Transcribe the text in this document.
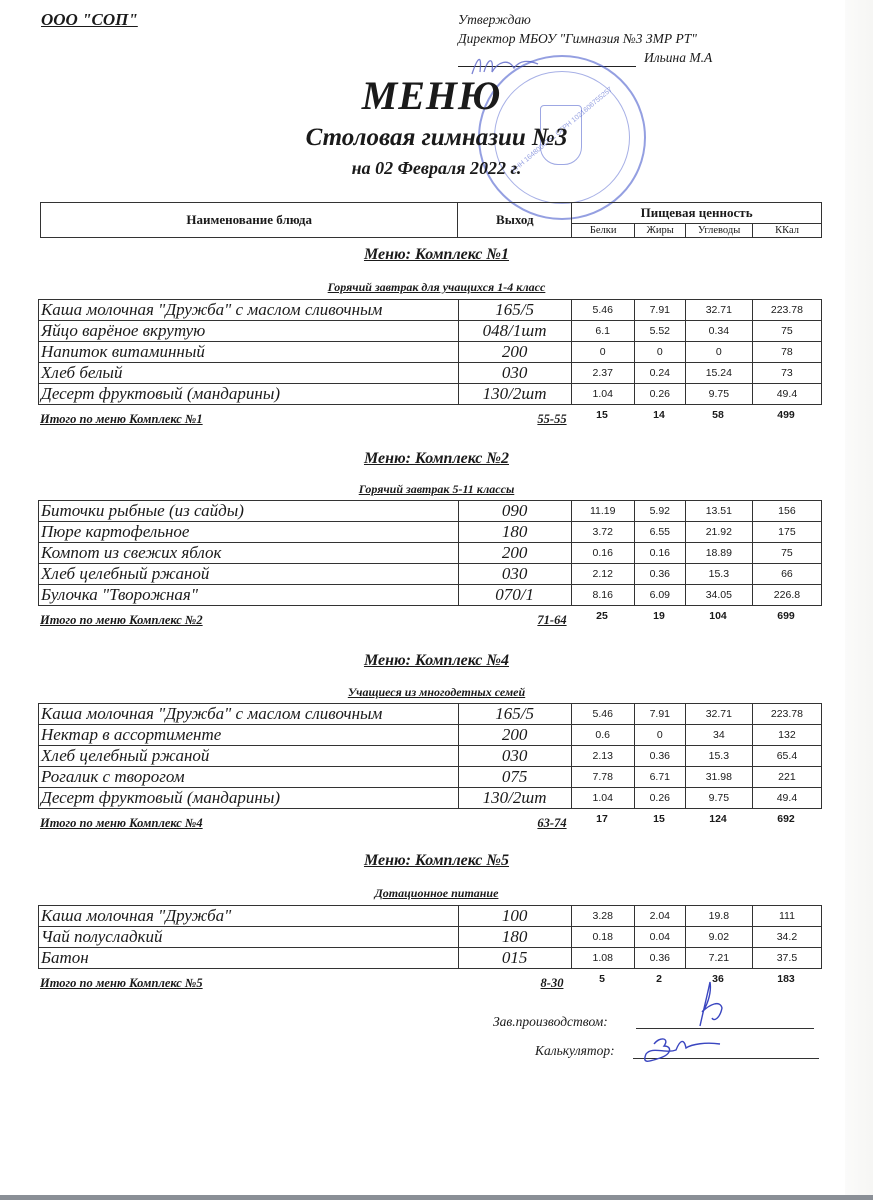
ООО "СОП"	Утверждаю
Директор МБОУ "Гимназия №3 ЗМР РТ"
Ильина М.А
ИНН 1648004751 ОГРН 1021606755257
МЕНЮ
Столовая гимназии №3
на 02 Февраля 2022 г.
Наименование блюда	Выход	Пищевая ценность			
		Белки	Жиры	Углеводы	ККал
Меню: Комплекс №1
Горячий завтрак для учащихся 1-4 класс
Каша молочная "Дружба" с маслом сливочным	165/5	5.46	7.91	32.71	223.78
Яйцо варёное вкрутую	048/1шт	6.1	5.52	0.34	75
Напиток витаминный	200	0	0	0	78
Хлеб белый	030	2.37	0.24	15.24	73
Десерт фруктовый (мандарины)	130/2шт	1.04	0.26	9.75	49.4
Итого по меню Комплекс №1	55-55	15	14	58	499
Меню: Комплекс №2
Горячий завтрак 5-11 классы
Биточки рыбные (из сайды)	090	11.19	5.92	13.51	156
Пюре картофельное	180	3.72	6.55	21.92	175
Компот из свежих яблок	200	0.16	0.16	18.89	75
Хлеб целебный ржаной	030	2.12	0.36	15.3	66
Булочка "Творожная"	070/1	8.16	6.09	34.05	226.8
Итого по меню Комплекс №2	71-64	25	19	104	699
Меню: Комплекс №4
Учащиеся из многодетных семей
Каша молочная "Дружба" с маслом сливочным	165/5	5.46	7.91	32.71	223.78
Нектар в ассортименте	200	0.6	0	34	132
Хлеб целебный ржаной	030	2.13	0.36	15.3	65.4
Рогалик с творогом	075	7.78	6.71	31.98	221
Десерт фруктовый (мандарины)	130/2шт	1.04	0.26	9.75	49.4
Итого по меню Комплекс №4	63-74	17	15	124	692
Меню: Комплекс №5
Дотационное питание
Каша молочная "Дружба"	100	3.28	2.04	19.8	111
Чай полусладкий	180	0.18	0.04	9.02	34.2
Батон	015	1.08	0.36	7.21	37.5
Итого по меню Комплекс №5	8-30	5	2	36	183
Зав.производством:
Калькулятор:
